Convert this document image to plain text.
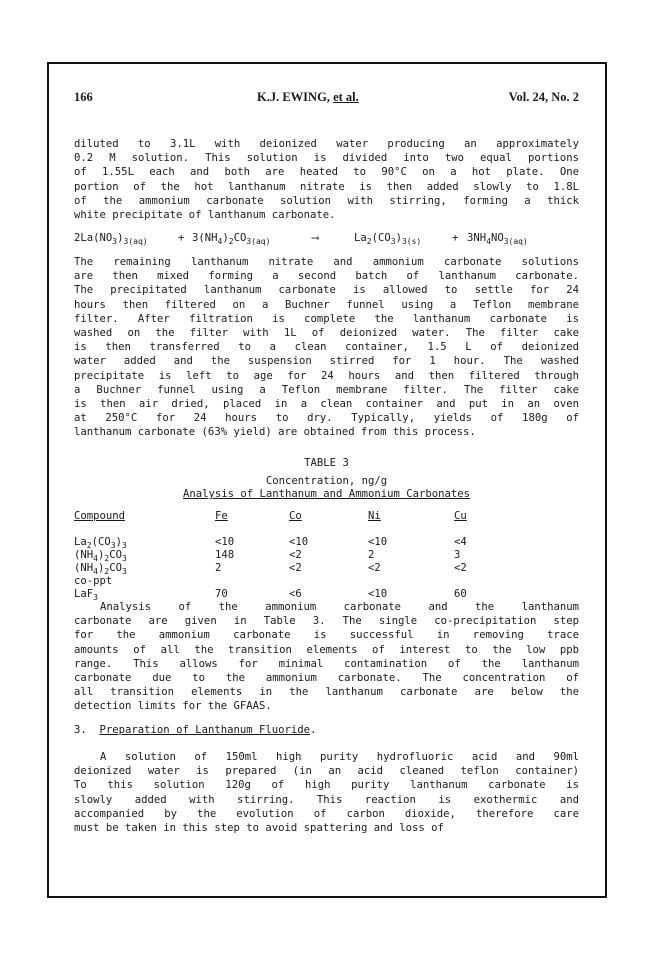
166	K.J. EWING, et al.	Vol. 24, No. 2
diluted to 3.1L with deionized water producing an approximately
0.2 M solution. This solution is divided into two equal portions
of 1.55L each and both are heated to 90°C on a hot plate. One
portion of the hot lanthanum nitrate is then added slowly to 1.8L
of the ammonium carbonate solution with stirring, forming a thick
white precipitate of lanthanum carbonate.
$2La(NO_3)_{3(aq)}$	+ $3(NH_4)_2CO_{3(aq)}$	⟶	$La_2(CO_3)_{3(s)}$	+ $3NH_4NO_{3(aq)}$
The remaining lanthanum nitrate and ammonium carbonate solutions
are then mixed forming a second batch of lanthanum carbonate.
The precipitated lanthanum carbonate is allowed to settle for 24
hours then filtered on a Buchner funnel using a Teflon membrane
filter. After filtration is complete the lanthanum carbonate is
washed on the filter with 1L of deionized water. The filter cake
is then transferred to a clean container, 1.5 L of deionized
water added and the suspension stirred for 1 hour. The washed
precipitate is left to age for 24 hours and then filtered through
a Buchner funnel using a Teflon membrane filter. The filter cake
is then air dried, placed in a clean container and put in an oven
at 250°C for 24 hours to dry. Typically, yields of 180g of
lanthanum carbonate (63% yield) are obtained from this process.
TABLE 3
Concentration, ng/g
Analysis of Lanthanum and Ammonium Carbonates
Compound	Fe	Co	Ni	Cu
$La_2(CO_3)_3$	<10	<10	<10	<4
$(NH_4)_2CO_3$	148	<2	2	3
$(NH_4)_2CO_3$	2	<2	<2	<2
co-ppt
LaF$_3$	70	<6	<10	60
Analysis of the ammonium carbonate and the lanthanum
carbonate are given in Table 3. The single co-precipitation step
for the ammonium carbonate is successful in removing trace
amounts of all the transition elements of interest to the low ppb
range. This allows for minimal contamination of the lanthanum
carbonate due to the ammonium carbonate. The concentration of
all transition elements in the lanthanum carbonate are below the
detection limits for the GFAAS.
3. Preparation of Lanthanum Fluoride.
A solution of 150ml high purity hydrofluoric acid and 90ml
deionized water is prepared (in an acid cleaned teflon container)
To this solution 120g of high purity lanthanum carbonate is
slowly added with stirring. This reaction is exothermic and
accompanied by the evolution of carbon dioxide, therefore care
must be taken in this step to avoid spattering and loss of
